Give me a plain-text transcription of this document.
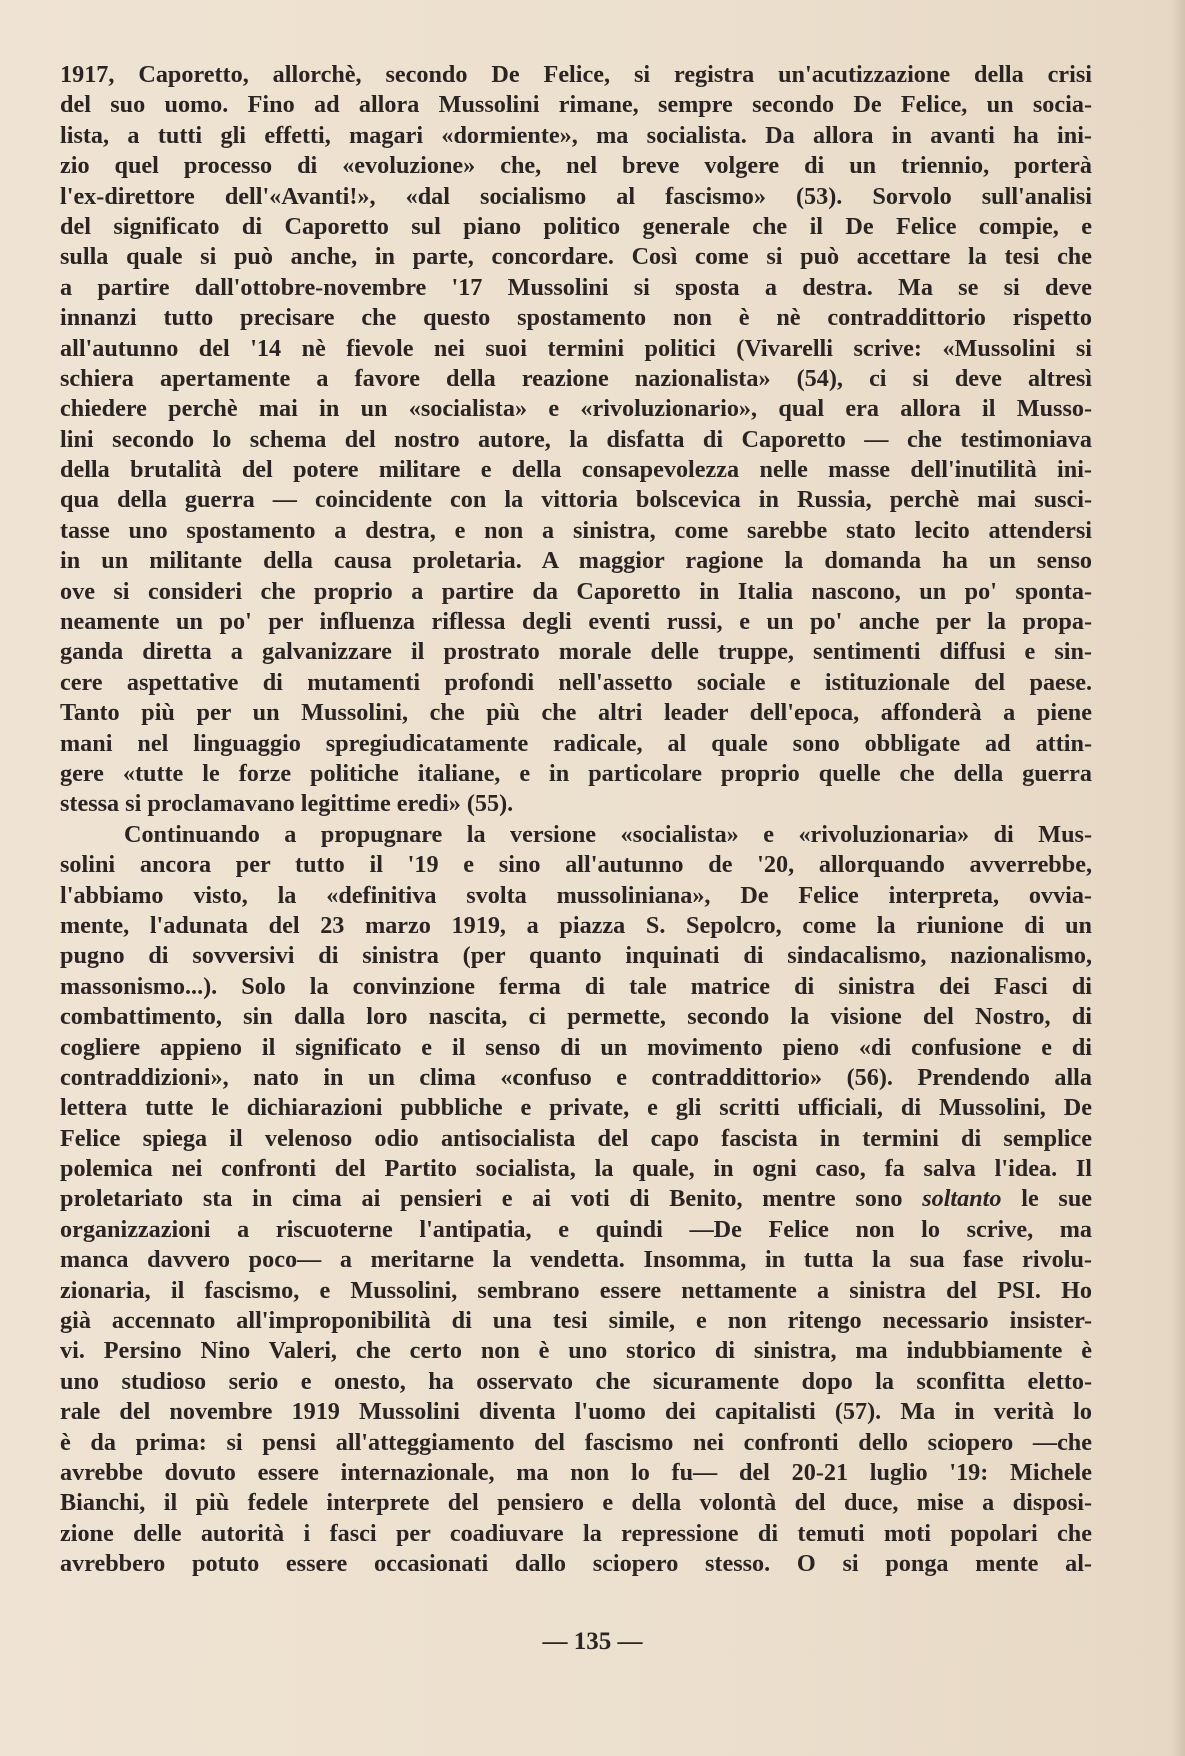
1917, Caporetto, allorchè, secondo De Felice, si registra un'acutizzazione della crisi
del suo uomo. Fino ad allora Mussolini rimane, sempre secondo De Felice, un socia-
lista, a tutti gli effetti, magari «dormiente», ma socialista. Da allora in avanti ha ini-
zio quel processo di «evoluzione» che, nel breve volgere di un triennio, porterà
l'ex-direttore dell'«Avanti!», «dal socialismo al fascismo» (53). Sorvolo sull'analisi
del significato di Caporetto sul piano politico generale che il De Felice compie, e
sulla quale si può anche, in parte, concordare. Così come si può accettare la tesi che
a partire dall'ottobre-novembre '17 Mussolini si sposta a destra. Ma se si deve
innanzi tutto precisare che questo spostamento non è nè contraddittorio rispetto
all'autunno del '14 nè fievole nei suoi termini politici (Vivarelli scrive: «Mussolini si
schiera apertamente a favore della reazione nazionalista» (54), ci si deve altresì
chiedere perchè mai in un «socialista» e «rivoluzionario», qual era allora il Musso-
lini secondo lo schema del nostro autore, la disfatta di Caporetto — che testimoniava
della brutalità del potere militare e della consapevolezza nelle masse dell'inutilità ini-
qua della guerra — coincidente con la vittoria bolscevica in Russia, perchè mai susci-
tasse uno spostamento a destra, e non a sinistra, come sarebbe stato lecito attendersi
in un militante della causa proletaria. A maggior ragione la domanda ha un senso
ove si consideri che proprio a partire da Caporetto in Italia nascono, un po' sponta-
neamente un po' per influenza riflessa degli eventi russi, e un po' anche per la propa-
ganda diretta a galvanizzare il prostrato morale delle truppe, sentimenti diffusi e sin-
cere aspettative di mutamenti profondi nell'assetto sociale e istituzionale del paese.
Tanto più per un Mussolini, che più che altri leader dell'epoca, affonderà a piene
mani nel linguaggio spregiudicatamente radicale, al quale sono obbligate ad attin-
gere «tutte le forze politiche italiane, e in particolare proprio quelle che della guerra
stessa si proclamavano legittime eredi» (55).
Continuando a propugnare la versione «socialista» e «rivoluzionaria» di Mus-
solini ancora per tutto il '19 e sino all'autunno de '20, allorquando avverrebbe,
l'abbiamo visto, la «definitiva svolta mussoliniana», De Felice interpreta, ovvia-
mente, l'adunata del 23 marzo 1919, a piazza S. Sepolcro, come la riunione di un
pugno di sovversivi di sinistra (per quanto inquinati di sindacalismo, nazionalismo,
massonismo...). Solo la convinzione ferma di tale matrice di sinistra dei Fasci di
combattimento, sin dalla loro nascita, ci permette, secondo la visione del Nostro, di
cogliere appieno il significato e il senso di un movimento pieno «di confusione e di
contraddizioni», nato in un clima «confuso e contraddittorio» (56). Prendendo alla
lettera tutte le dichiarazioni pubbliche e private, e gli scritti ufficiali, di Mussolini, De
Felice spiega il velenoso odio antisocialista del capo fascista in termini di semplice
polemica nei confronti del Partito socialista, la quale, in ogni caso, fa salva l'idea. Il
proletariato sta in cima ai pensieri e ai voti di Benito, mentre sono soltanto le sue
organizzazioni a riscuoterne l'antipatia, e quindi —De Felice non lo scrive, ma
manca davvero poco— a meritarne la vendetta. Insomma, in tutta la sua fase rivolu-
zionaria, il fascismo, e Mussolini, sembrano essere nettamente a sinistra del PSI. Ho
già accennato all'improponibilità di una tesi simile, e non ritengo necessario insister-
vi. Persino Nino Valeri, che certo non è uno storico di sinistra, ma indubbiamente è
uno studioso serio e onesto, ha osservato che sicuramente dopo la sconfitta eletto-
rale del novembre 1919 Mussolini diventa l'uomo dei capitalisti (57). Ma in verità lo
è da prima: si pensi all'atteggiamento del fascismo nei confronti dello sciopero —che
avrebbe dovuto essere internazionale, ma non lo fu— del 20-21 luglio '19: Michele
Bianchi, il più fedele interprete del pensiero e della volontà del duce, mise a disposi-
zione delle autorità i fasci per coadiuvare la repressione di temuti moti popolari che
avrebbero potuto essere occasionati dallo sciopero stesso. O si ponga mente al-
— 135 —
